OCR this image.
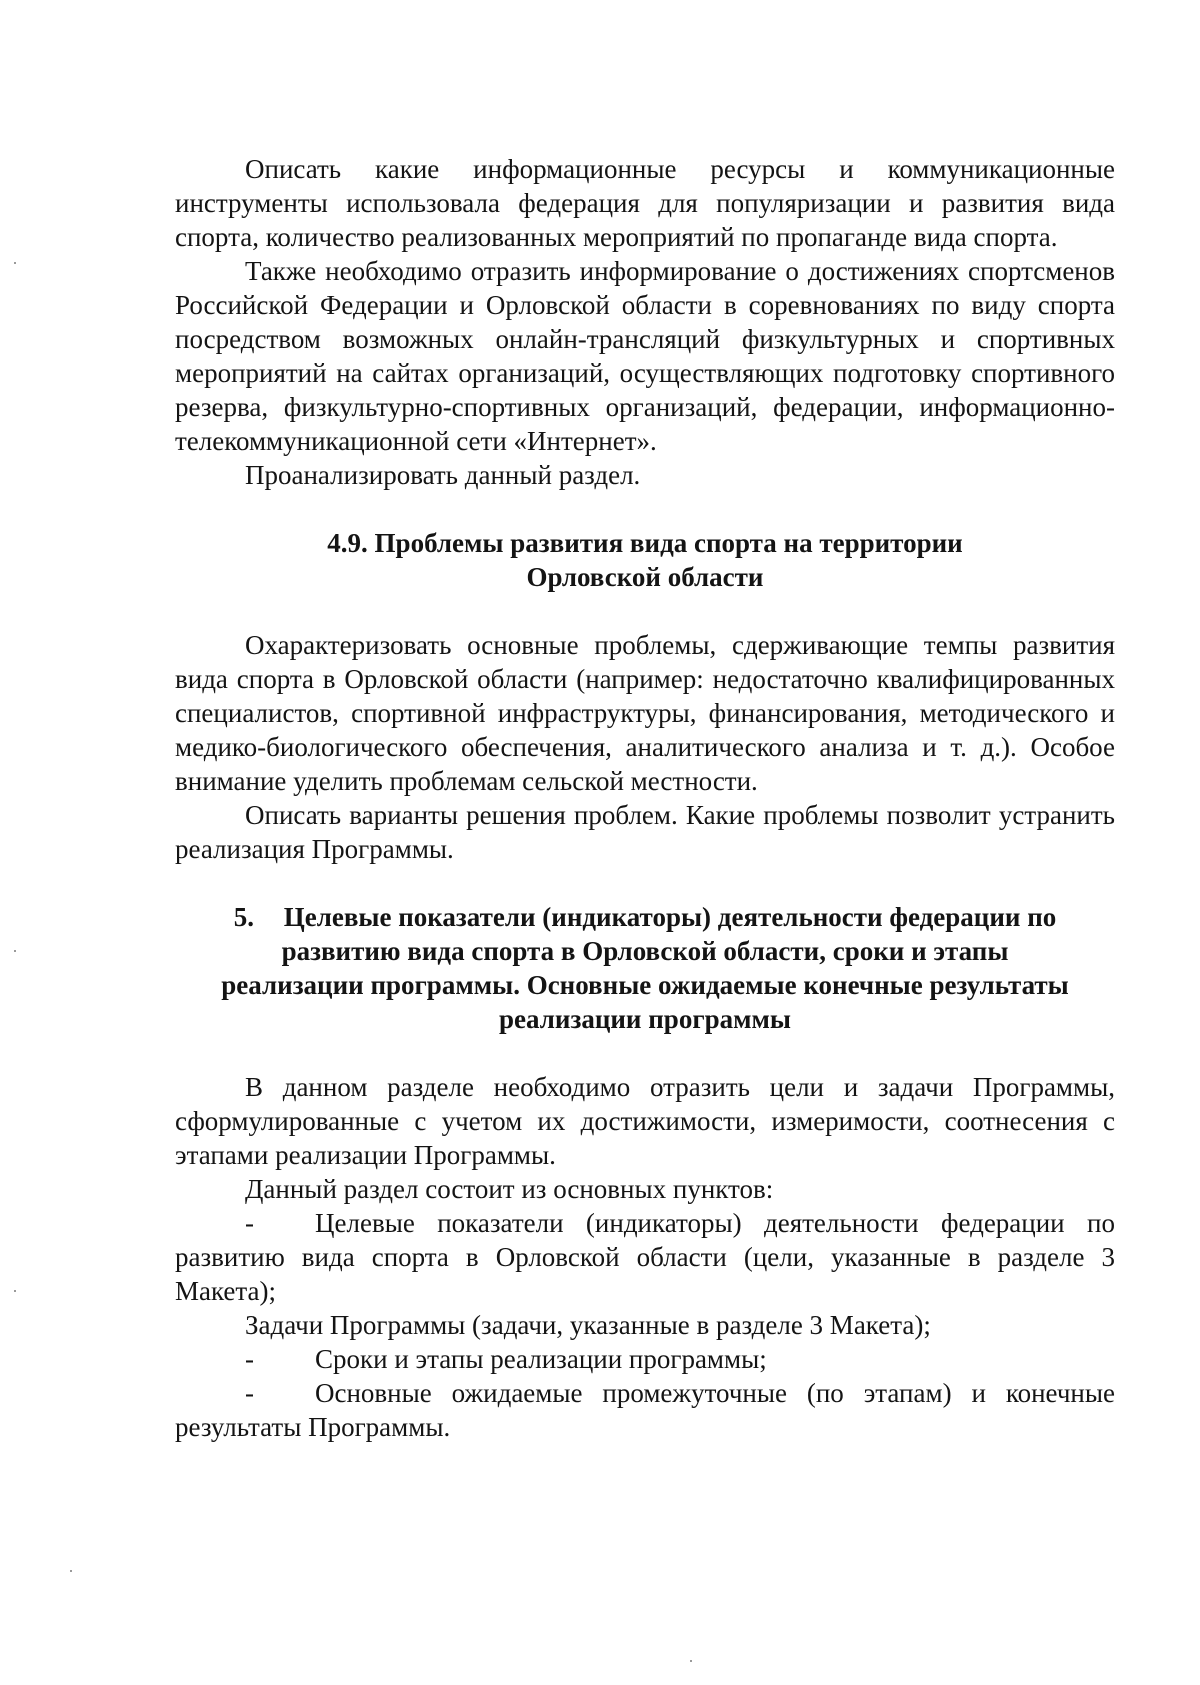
Описать какие информационные ресурсы и коммуникационные инструменты использовала федерация для популяризации и развития вида спорта, количество реализованных мероприятий по пропаганде вида спорта.

Также необходимо отразить информирование о достижениях спортсменов Российской Федерации и Орловской области в соревнованиях по виду спорта посредством возможных онлайн-трансляций физкультурных и спортивных мероприятий на сайтах организаций, осуществляющих подготовку спортивного резерва, физкультурно-спортивных организаций, федерации, информационно-телекоммуникационной сети «Интернет».

Проанализировать данный раздел.

4.9. Проблемы развития вида спорта на территории
Орловской области

Охарактеризовать основные проблемы, сдерживающие темпы развития вида спорта в Орловской области (например: недостаточно квалифицированных специалистов, спортивной инфраструктуры, финансирования, методического и медико-биологического обеспечения, аналитического анализа и т. д.). Особое внимание уделить проблемам сельской местности.

Описать варианты решения проблем. Какие проблемы позволит устранить реализация Программы.

5. Целевые показатели (индикаторы) деятельности федерации по развитию вида спорта в Орловской области, сроки и этапы реализации программы. Основные ожидаемые конечные результаты реализации программы

В данном разделе необходимо отразить цели и задачи Программы, сформулированные с учетом их достижимости, измеримости, соотнесения с этапами реализации Программы.

Данный раздел состоит из основных пунктов:

- Целевые показатели (индикаторы) деятельности федерации по развитию вида спорта в Орловской области (цели, указанные в разделе 3 Макета);

Задачи Программы (задачи, указанные в разделе 3 Макета);

- Сроки и этапы реализации программы;

- Основные ожидаемые промежуточные (по этапам) и конечные результаты Программы.
